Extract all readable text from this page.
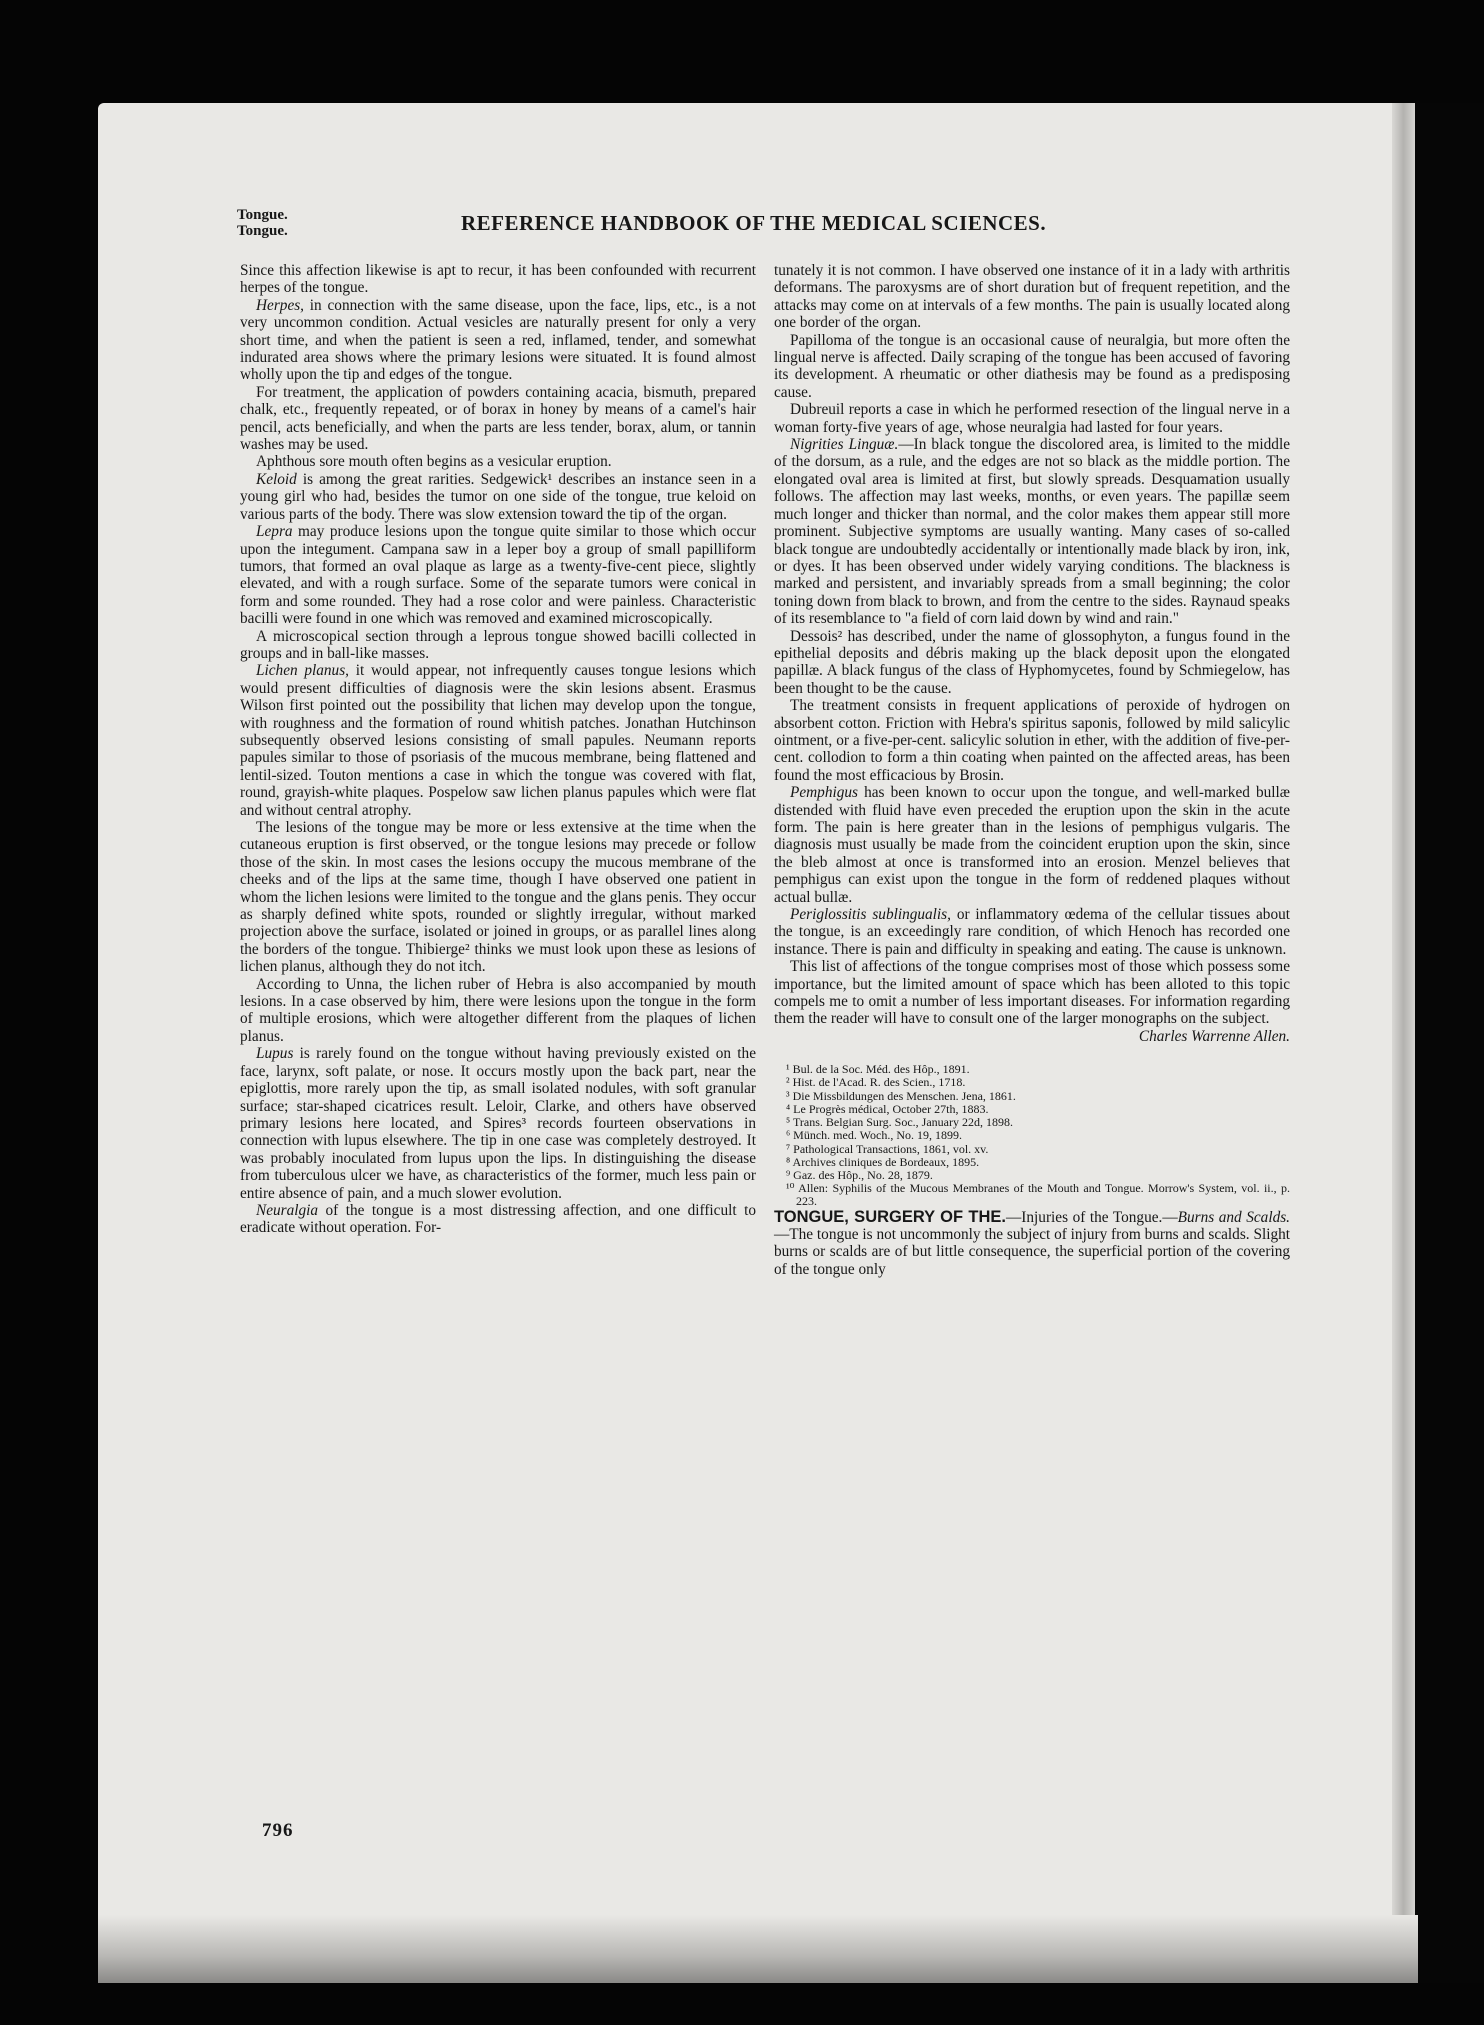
Tongue.
Tongue.	REFERENCE HANDBOOK OF THE MEDICAL SCIENCES.

Since this affection likewise is apt to recur, it has been confounded with recurrent herpes of the tongue.

Herpes, in connection with the same disease, upon the face, lips, etc., is a not very uncommon condition. Actual vesicles are naturally present for only a very short time, and when the patient is seen a red, inflamed, tender, and somewhat indurated area shows where the primary lesions were situated. It is found almost wholly upon the tip and edges of the tongue.

For treatment, the application of powders containing acacia, bismuth, prepared chalk, etc., frequently repeated, or of borax in honey by means of a camel's hair pencil, acts beneficially, and when the parts are less tender, borax, alum, or tannin washes may be used.

Aphthous sore mouth often begins as a vesicular eruption.

Keloid is among the great rarities. Sedgewick¹ describes an instance seen in a young girl who had, besides the tumor on one side of the tongue, true keloid on various parts of the body. There was slow extension toward the tip of the organ.

Lepra may produce lesions upon the tongue quite similar to those which occur upon the integument. Campana saw in a leper boy a group of small papilliform tumors, that formed an oval plaque as large as a twenty-five-cent piece, slightly elevated, and with a rough surface. Some of the separate tumors were conical in form and some rounded. They had a rose color and were painless. Characteristic bacilli were found in one which was removed and examined microscopically.

A microscopical section through a leprous tongue showed bacilli collected in groups and in ball-like masses.

Lichen planus, it would appear, not infrequently causes tongue lesions which would present difficulties of diagnosis were the skin lesions absent. Erasmus Wilson first pointed out the possibility that lichen may develop upon the tongue, with roughness and the formation of round whitish patches. Jonathan Hutchinson subsequently observed lesions consisting of small papules. Neumann reports papules similar to those of psoriasis of the mucous membrane, being flattened and lentil-sized. Touton mentions a case in which the tongue was covered with flat, round, grayish-white plaques. Pospelow saw lichen planus papules which were flat and without central atrophy.

The lesions of the tongue may be more or less extensive at the time when the cutaneous eruption is first observed, or the tongue lesions may precede or follow those of the skin. In most cases the lesions occupy the mucous membrane of the cheeks and of the lips at the same time, though I have observed one patient in whom the lichen lesions were limited to the tongue and the glans penis. They occur as sharply defined white spots, rounded or slightly irregular, without marked projection above the surface, isolated or joined in groups, or as parallel lines along the borders of the tongue. Thibierge² thinks we must look upon these as lesions of lichen planus, although they do not itch.

According to Unna, the lichen ruber of Hebra is also accompanied by mouth lesions. In a case observed by him, there were lesions upon the tongue in the form of multiple erosions, which were altogether different from the plaques of lichen planus.

Lupus is rarely found on the tongue without having previously existed on the face, larynx, soft palate, or nose. It occurs mostly upon the back part, near the epiglottis, more rarely upon the tip, as small isolated nodules, with soft granular surface; star-shaped cicatrices result. Leloir, Clarke, and others have observed primary lesions here located, and Spires³ records fourteen observations in connection with lupus elsewhere. The tip in one case was completely destroyed. It was probably inoculated from lupus upon the lips. In distinguishing the disease from tuberculous ulcer we have, as characteristics of the former, much less pain or entire absence of pain, and a much slower evolution.

Neuralgia of the tongue is a most distressing affection, and one difficult to eradicate without operation. For-

tunately it is not common. I have observed one instance of it in a lady with arthritis deformans. The paroxysms are of short duration but of frequent repetition, and the attacks may come on at intervals of a few months. The pain is usually located along one border of the organ.

Papilloma of the tongue is an occasional cause of neuralgia, but more often the lingual nerve is affected. Daily scraping of the tongue has been accused of favoring its development. A rheumatic or other diathesis may be found as a predisposing cause.

Dubreuil reports a case in which he performed resection of the lingual nerve in a woman forty-five years of age, whose neuralgia had lasted for four years.

Nigrities Linguæ.—In black tongue the discolored area, is limited to the middle of the dorsum, as a rule, and the edges are not so black as the middle portion. The elongated oval area is limited at first, but slowly spreads. Desquamation usually follows. The affection may last weeks, months, or even years. The papillæ seem much longer and thicker than normal, and the color makes them appear still more prominent. Subjective symptoms are usually wanting. Many cases of so-called black tongue are undoubtedly accidentally or intentionally made black by iron, ink, or dyes. It has been observed under widely varying conditions. The blackness is marked and persistent, and invariably spreads from a small beginning; the color toning down from black to brown, and from the centre to the sides. Raynaud speaks of its resemblance to "a field of corn laid down by wind and rain."

Dessois² has described, under the name of glossophyton, a fungus found in the epithelial deposits and débris making up the black deposit upon the elongated papillæ. A black fungus of the class of Hyphomycetes, found by Schmiegelow, has been thought to be the cause.

The treatment consists in frequent applications of peroxide of hydrogen on absorbent cotton. Friction with Hebra's spiritus saponis, followed by mild salicylic ointment, or a five-per-cent. salicylic solution in ether, with the addition of five-per-cent. collodion to form a thin coating when painted on the affected areas, has been found the most efficacious by Brosin.

Pemphigus has been known to occur upon the tongue, and well-marked bullæ distended with fluid have even preceded the eruption upon the skin in the acute form. The pain is here greater than in the lesions of pemphigus vulgaris. The diagnosis must usually be made from the coincident eruption upon the skin, since the bleb almost at once is transformed into an erosion. Menzel believes that pemphigus can exist upon the tongue in the form of reddened plaques without actual bullæ.

Periglossitis sublingualis, or inflammatory œdema of the cellular tissues about the tongue, is an exceedingly rare condition, of which Henoch has recorded one instance. There is pain and difficulty in speaking and eating. The cause is unknown.

This list of affections of the tongue comprises most of those which possess some importance, but the limited amount of space which has been alloted to this topic compels me to omit a number of less important diseases. For information regarding them the reader will have to consult one of the larger monographs on the subject.

Charles Warrenne Allen.

¹ Bul. de la Soc. Méd. des Hôp., 1891.
² Hist. de l'Acad. R. des Scien., 1718.
³ Die Missbildungen des Menschen. Jena, 1861.
⁴ Le Progrès médical, October 27th, 1883.
⁵ Trans. Belgian Surg. Soc., January 22d, 1898.
⁶ Münch. med. Woch., No. 19, 1899.
⁷ Pathological Transactions, 1861, vol. xv.
⁸ Archives cliniques de Bordeaux, 1895.
⁹ Gaz. des Hôp., No. 28, 1879.
¹⁰ Allen: Syphilis of the Mucous Membranes of the Mouth and Tongue. Morrow's System, vol. ii., p. 223.

TONGUE, SURGERY OF THE.—Injuries of the Tongue.—Burns and Scalds.—The tongue is not uncommonly the subject of injury from burns and scalds. Slight burns or scalds are of but little consequence, the superficial portion of the covering of the tongue only

796
